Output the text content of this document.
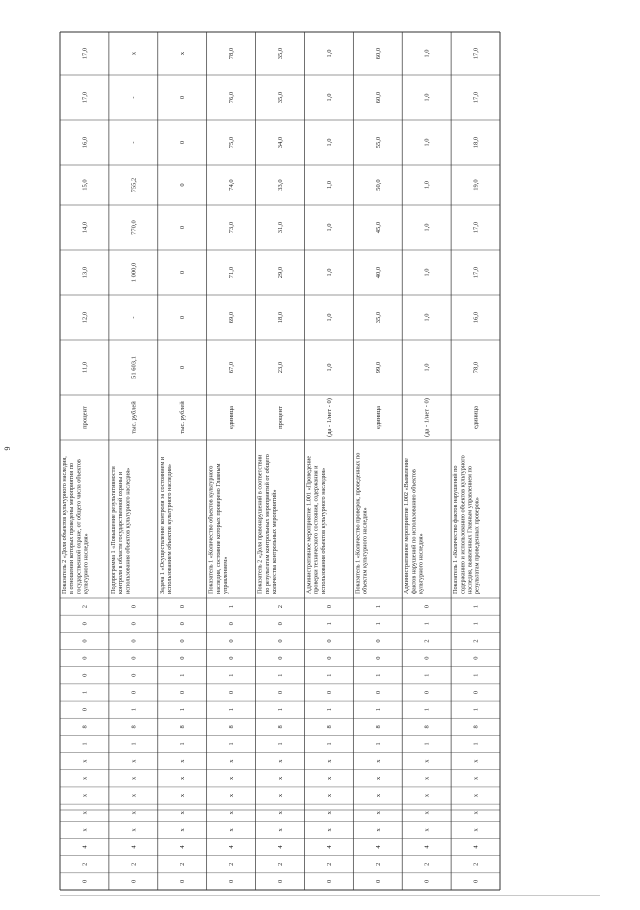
6
0
2
4
x
x
x
x
x
1
8
0
1
0
0
0
0
2
Показатель 2 «Доля объектов культурного наследия, в отношении которых проведены мероприятия по государственной охране, от общего числа объектов культурного наследия»
процент
11,0
12,0
13,0
14,0
15,0
16,0
17,0
17,0
0
2
4
x
x
x
x
x
1
8
1
0
0
0
0
0
0
Подпрограмма 1 «Повышение результативности контроля в области государственной охраны и использования объектов культурного наследия»
тыс. рублей
51 603,1
-
1 000,0
770,0
755,2
-
-
x
0
2
4
x
x
x
x
x
1
8
1
0
1
0
0
0
0
Задача 1 «Осуществление контроля за состоянием и использованием объектов культурного наследия»
тыс. рублей
0
0
0
0
0
0
0
x
0
2
4
x
x
x
x
x
1
8
1
0
1
0
0
0
1
Показатель 1 «Количество объектов культурного наследия, состояние которых проверено Главным управлением»
единица
67,0
69,0
71,0
73,0
74,0
75,0
76,0
78,0
0
2
4
x
x
x
x
x
1
8
1
0
1
0
0
0
2
Показатель 2 «Доля правонарушений в соответствии по результатам контрольных мероприятий от общего количества контрольных мероприятий»
процент
23,0
18,0
29,0
31,0
33,0
34,0
35,0
35,0
0
2
4
x
x
x
x
x
1
8
1
0
1
0
0
1
0
Административное мероприятие 1.001 «Проведение проверки технического состояния, содержания и использования объектов культурного наследия»
(да - 1/нет - 0)
1,0
1,0
1,0
1,0
1,0
1,0
1,0
1,0
0
2
4
x
x
x
x
x
1
8
1
0
1
0
0
1
1
Показатель 1 «Количество проверок, проведенных по объектам культурного наследия»
единица
99,0
35,0
40,0
45,0
50,0
55,0
60,0
60,0
0
2
4
x
x
x
x
x
1
8
1
0
1
0
2
1
0
Административное мероприятие 1.002 «Выявление фактов нарушений по использованию объектов культурного наследия»
(да - 1/нет - 0)
1,0
1,0
1,0
1,0
1,0
1,0
1,0
1,0
0
2
4
x
x
x
x
x
1
8
1
0
1
0
2
1
1
Показатель 1 «Количество фактов нарушений по содержанию и использованию объектов культурного наследия, выявленных Главным управлением по результатам проведенных проверок»
единица
78,0
16,0
17,0
17,0
19,0
18,0
17,0
17,0
